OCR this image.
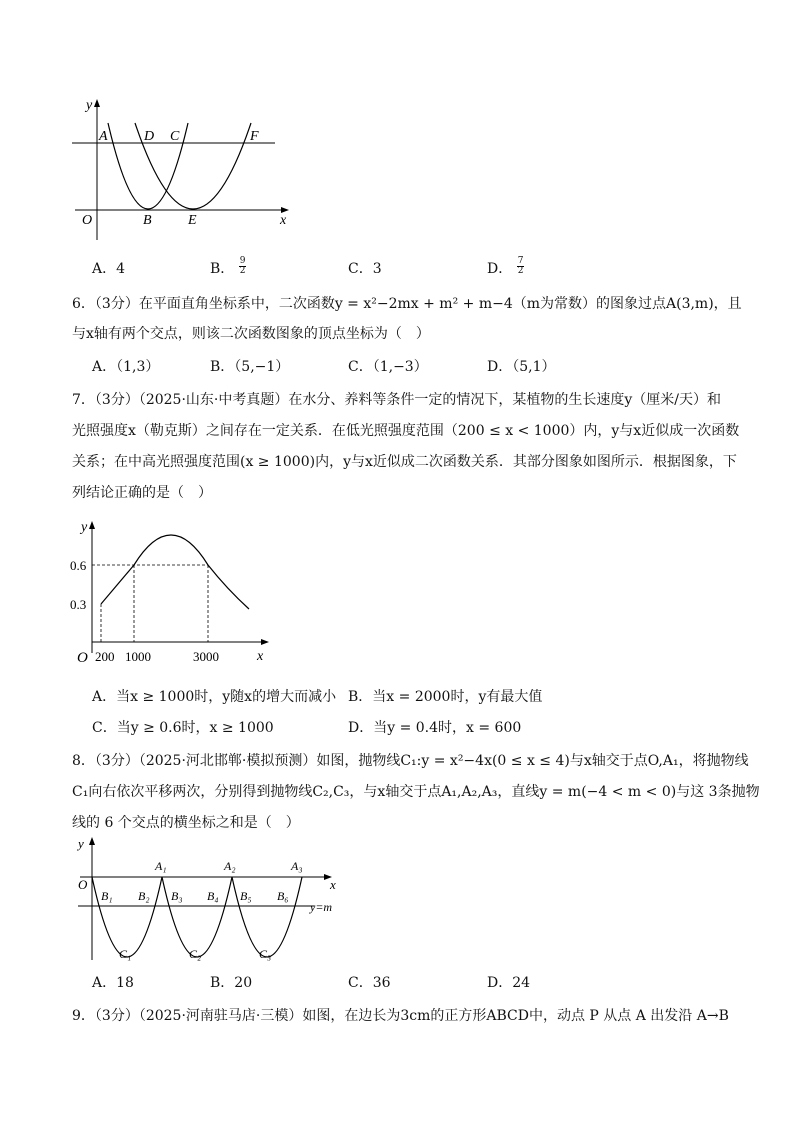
y
x
O
A	D C	F
B	E
A．4	B． $\frac{9}{2}$	C．3	D． $\frac{7}{2}$
6．（3分）在平面直角坐标系中，二次函数y = x²−2mx + m² + m−4（m为常数）的图象过点A(3,m)，且
与x轴有两个交点，则该二次函数图象的顶点坐标为（　）
A．（1,3）	B．（5,−1）	C．（1,−3）	D．（5,1）
7．（3分）（2025·山东·中考真题）在水分、养料等条件一定的情况下，某植物的生长速度y（厘米/天）和
光照强度x（勒克斯）之间存在一定关系．在低光照强度范围（200 ≤ x < 1000）内，y与x近似成一次函数
关系；在中高光照强度范围(x ≥ 1000)内，y与x近似成二次函数关系．其部分图象如图所示．根据图象，下
列结论正确的是（　）
y
x
O
0.6
0.3
200 1000	3000
A．当x ≥ 1000时，y随x的增大而减小 B．当x = 2000时，y有最大值
C．当y ≥ 0.6时，x ≥ 1000	D．当y = 0.4时，x = 600
8．（3分）（2025·河北邯郸·模拟预测）如图，抛物线C₁:y = x²−4x(0 ≤ x ≤ 4)与x轴交于点O,A₁，将抛物线
C₁向右依次平移两次，分别得到抛物线C₂,C₃，与x轴交于点A₁,A₂,A₃，直线y = m(−4 < m < 0)与这 3条抛物
线的 6 个交点的横坐标之和是（　）
y
x
O
y=m
A₁	A₂	A₃
B₁ B₂ B₃ B₄ B₅ B₆
C₁	C₂	C₃
A．18	B．20	C．36	D．24
9．（3分）（2025·河南驻马店·三模）如图，在边长为3cm的正方形ABCD中，动点 P 从点 A 出发沿 A→B
